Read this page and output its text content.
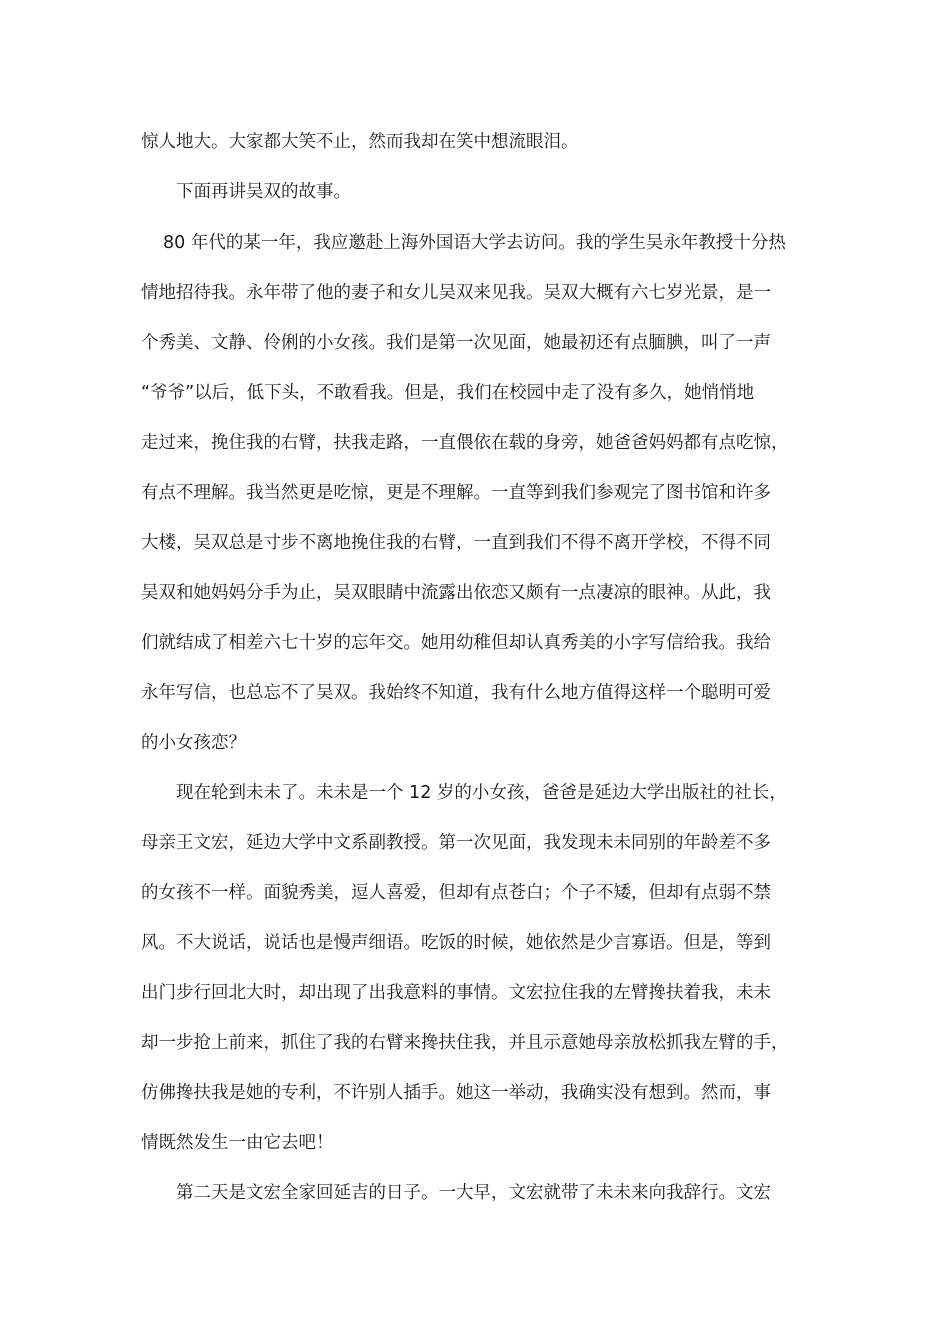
惊人地大。大家都大笑不止，然而我却在笑中想流眼泪。
下面再讲吴双的故事。
80 年代的某一年，我应邀赴上海外国语大学去访问。我的学生吴永年教授十分热
情地招待我。永年带了他的妻子和女儿吴双来见我。吴双大概有六七岁光景，是一
个秀美、文静、伶俐的小女孩。我们是第一次见面，她最初还有点腼腆，叫了一声
“爷爷”以后，低下头，不敢看我。但是，我们在校园中走了没有多久，她悄悄地
走过来，挽住我的右臂，扶我走路，一直偎依在载的身旁，她爸爸妈妈都有点吃惊，
有点不理解。我当然更是吃惊，更是不理解。一直等到我们参观完了图书馆和许多
大楼，吴双总是寸步不离地挽住我的右臂，一直到我们不得不离开学校，不得不同
吴双和她妈妈分手为止，吴双眼睛中流露出依恋又颇有一点凄凉的眼神。从此，我
们就结成了相差六七十岁的忘年交。她用幼稚但却认真秀美的小字写信给我。我给
永年写信，也总忘不了吴双。我始终不知道，我有什么地方值得这样一个聪明可爱
的小女孩恋？
现在轮到未未了。未未是一个 12 岁的小女孩，爸爸是延边大学出版社的社长，
母亲王文宏，延边大学中文系副教授。第一次见面，我发现未未同别的年龄差不多
的女孩不一样。面貌秀美，逗人喜爱，但却有点苍白；个子不矮，但却有点弱不禁
风。不大说话，说话也是慢声细语。吃饭的时候，她依然是少言寡语。但是，等到
出门步行回北大时，却出现了出我意料的事情。文宏拉住我的左臂搀扶着我，未未
却一步抢上前来，抓住了我的右臂来搀扶住我，并且示意她母亲放松抓我左臂的手，
仿佛搀扶我是她的专利，不许别人插手。她这一举动，我确实没有想到。然而，事
情既然发生一由它去吧！
第二天是文宏全家回延吉的日子。一大早，文宏就带了未未来向我辞行。文宏
